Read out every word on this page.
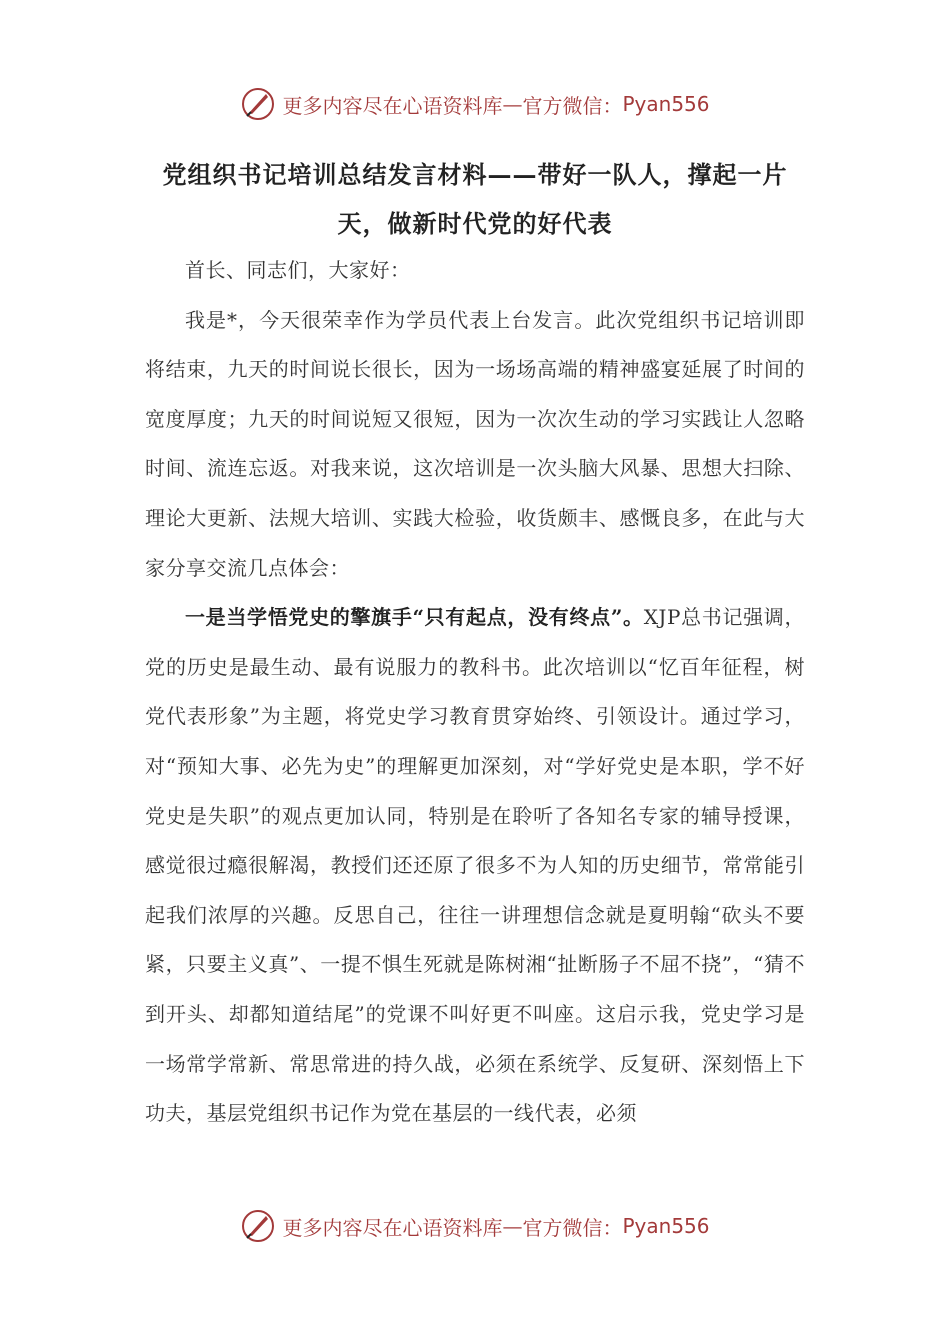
更多内容尽在心语资料库 — 官方微信： Pyan556
党组织书记培训总结发言材料——带好一队人，撑起一片天，做新时代党的好代表

首长、同志们，大家好：

我是*，今天很荣幸作为学员代表上台发言。此次党组织书记培训即将结束，九天的时间说长很长，因为一场场高端的精神盛宴延展了时间的宽度厚度；九天的时间说短又很短，因为一次次生动的学习实践让人忽略时间、流连忘返。对我来说，这次培训是一次头脑大风暴、思想大扫除、理论大更新、法规大培训、实践大检验，收货颇丰、感慨良多，在此与大家分享交流几点体会：

一是当学悟党史的擎旗手“只有起点，没有终点”。XJP总书记强调，党的历史是最生动、最有说服力的教科书。此次培训以“忆百年征程，树党代表形象”为主题，将党史学习教育贯穿始终、引领设计。通过学习，对“预知大事、必先为史”的理解更加深刻，对“学好党史是本职，学不好党史是失职”的观点更加认同，特别是在聆听了各知名专家的辅导授课，感觉很过瘾很解渴，教授们还还原了很多不为人知的历史细节，常常能引起我们浓厚的兴趣。反思自己，往往一讲理想信念就是夏明翰“砍头不要紧，只要主义真”、一提不惧生死就是陈树湘“扯断肠子不屈不挠”，“猜不到开头、却都知道结尾”的党课不叫好更不叫座。这启示我，党史学习是一场常学常新、常思常进的持久战，必须在系统学、反复研、深刻悟上下功夫，基层党组织书记作为党在基层的一线代表，必须

更多内容尽在心语资料库 — 官方微信： Pyan556
